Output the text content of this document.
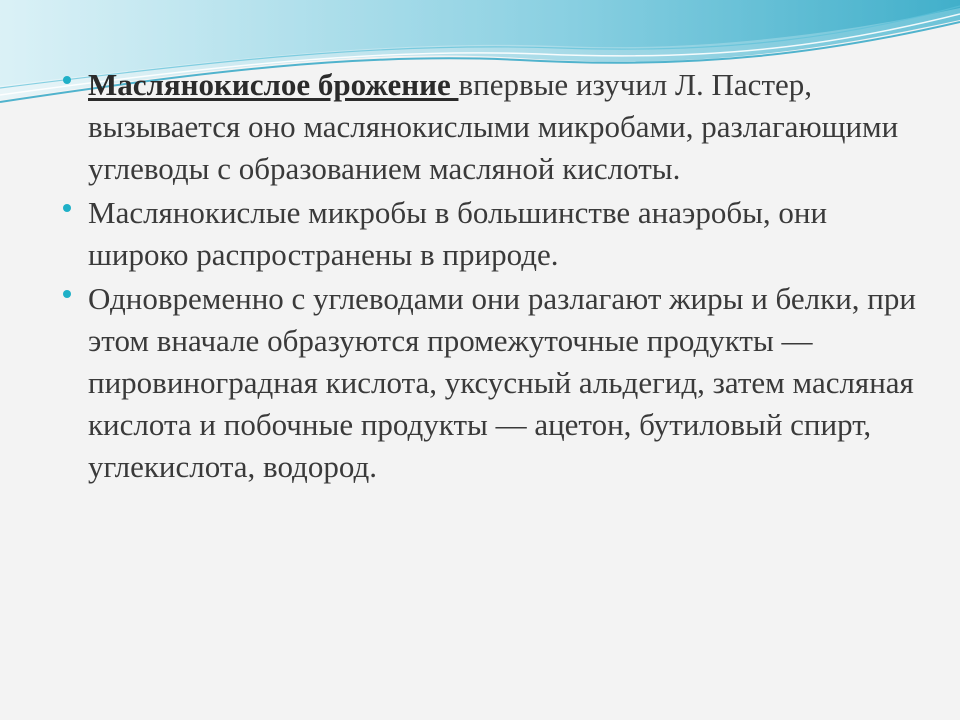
Маслянокислое брожение впервые изучил Л. Пастер, вызывается оно маслянокислыми микробами, разлагающими углеводы с образованием масляной кислоты.
Маслянокислые микробы в большинстве анаэробы, они широко распространены в природе.
Одновременно с углеводами они разлагают жиры и белки, при этом вначале образуются промежуточные продукты — пировиноградная кислота, уксусный альдегид, затем масляная кислота и побочные продукты — ацетон, бутиловый спирт, углекислота, водород.
